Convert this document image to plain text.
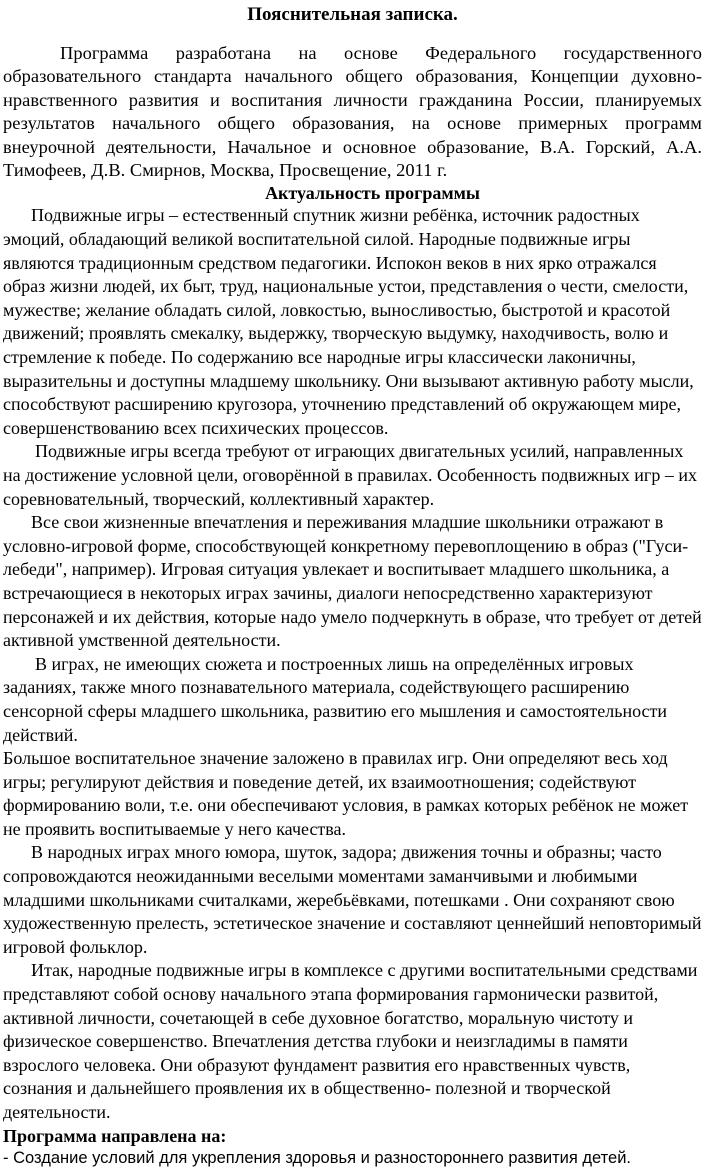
Пояснительная записка.

Программа разработана на основе Федерального государственного образовательного стандарта начального общего образования, Концепции духовно-нравственного развития и воспитания личности гражданина России, планируемых результатов начального общего образования, на основе примерных программ внеурочной деятельности, Начальное и основное образование, В.А. Горский, А.А. Тимофеев, Д.В. Смирнов, Москва, Просвещение, 2011 г.

Актуальность программы

Подвижные игры – естественный спутник жизни ребёнка, источник радостных эмоций, обладающий великой воспитательной силой. Народные подвижные игры являются традиционным средством педагогики. Испокон веков в них ярко отражался образ жизни людей, их быт, труд, национальные устои, представления о чести, смелости, мужестве; желание обладать силой, ловкостью, выносливостью, быстротой и красотой движений; проявлять смекалку, выдержку, творческую выдумку, находчивость, волю и стремление к победе. По содержанию все народные игры классически лаконичны, выразительны и доступны младшему школьнику. Они вызывают активную работу мысли, способствуют расширению кругозора, уточнению представлений об окружающем мире, совершенствованию всех психических процессов.

Подвижные игры всегда требуют от играющих двигательных усилий, направленных на достижение условной цели, оговорённой в правилах. Особенность подвижных игр – их соревновательный, творческий, коллективный характер.

Все свои жизненные впечатления и переживания младшие школьники отражают в условно-игровой форме, способствующей конкретному перевоплощению в образ ("Гуси-лебеди", например). Игровая ситуация увлекает и воспитывает младшего школьника, а встречающиеся в некоторых играх зачины, диалоги непосредственно характеризуют персонажей и их действия, которые надо умело подчеркнуть в образе, что требует от детей активной умственной деятельности.

В играх, не имеющих сюжета и построенных лишь на определённых игровых заданиях, также много познавательного материала, содействующего расширению сенсорной сферы младшего школьника, развитию его мышления и самостоятельности действий.

Большое воспитательное значение заложено в правилах игр. Они определяют весь ход игры; регулируют действия и поведение детей, их взаимоотношения; содействуют формированию воли, т.е. они обеспечивают условия, в рамках которых ребёнок не может не проявить воспитываемые у него качества.

В народных играх много юмора, шуток, задора; движения точны и образны; часто сопровождаются неожиданными веселыми моментами заманчивыми и любимыми младшими школьниками считалками, жеребьёвками, потешками . Они сохраняют свою художественную прелесть, эстетическое значение и составляют ценнейший неповторимый игровой фольклор.

Итак, народные подвижные игры в комплексе с другими воспитательными средствами представляют собой основу начального этапа формирования гармонически развитой, активной личности, сочетающей в себе духовное богатство, моральную чистоту и физическое совершенство. Впечатления детства глубоки и неизгладимы в памяти взрослого человека. Они образуют фундамент развития его нравственных чувств, сознания и дальнейшего проявления их в общественно- полезной и творческой деятельности.

Программа направлена на:
- Создание условий для укрепления здоровья и разностороннего развития детей.
